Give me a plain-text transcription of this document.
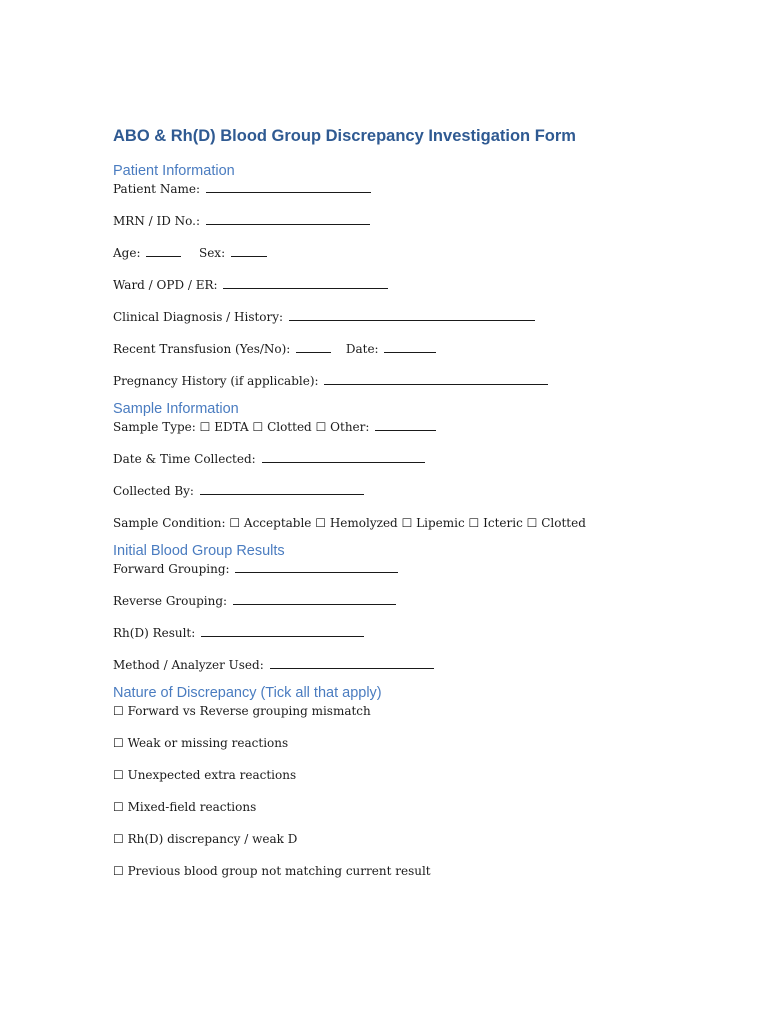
ABO & Rh(D) Blood Group Discrepancy Investigation Form
Patient Information
Patient Name:
MRN / ID No.:
Age:	Sex:
Ward / OPD / ER:
Clinical Diagnosis / History:
Recent Transfusion (Yes/No):	Date:
Pregnancy History (if applicable):
Sample Information
Sample Type: ☐ EDTA ☐ Clotted ☐ Other:
Date & Time Collected:
Collected By:
Sample Condition: ☐ Acceptable ☐ Hemolyzed ☐ Lipemic ☐ Icteric ☐ Clotted
Initial Blood Group Results
Forward Grouping:
Reverse Grouping:
Rh(D) Result:
Method / Analyzer Used:
Nature of Discrepancy (Tick all that apply)
☐ Forward vs Reverse grouping mismatch
☐ Weak or missing reactions
☐ Unexpected extra reactions
☐ Mixed-field reactions
☐ Rh(D) discrepancy / weak D
☐ Previous blood group not matching current result
